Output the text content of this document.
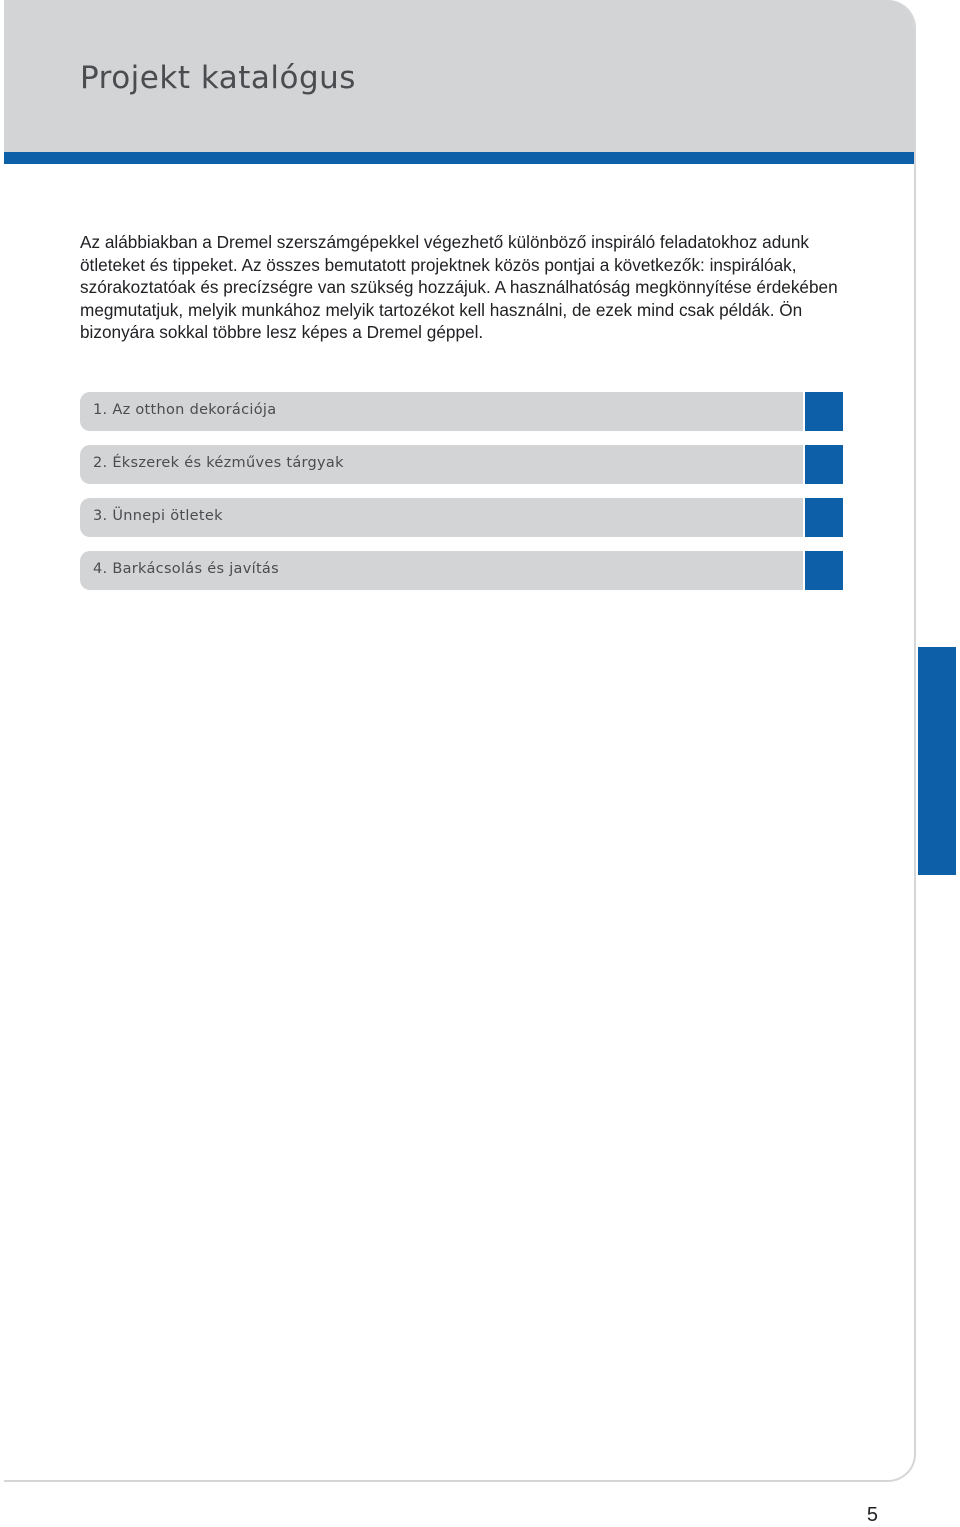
Projekt katalógus

Az alábbiakban a Dremel szerszámgépekkel végezhető különböző inspiráló feladatokhoz adunk ötleteket és tippeket. Az összes bemutatott projektnek közös pontjai a következők: inspirálóak, szórakoztatóak és precízségre van szükség hozzájuk. A használhatóság megkönnyítése érdekében megmutatjuk, melyik munkához melyik tartozékot kell használni, de ezek mind csak példák. Ön bizonyára sokkal többre lesz képes a Dremel géppel.

1. Az otthon dekorációja
2. Ékszerek és kézműves tárgyak
3. Ünnepi ötletek
4. Barkácsolás és javítás
5
